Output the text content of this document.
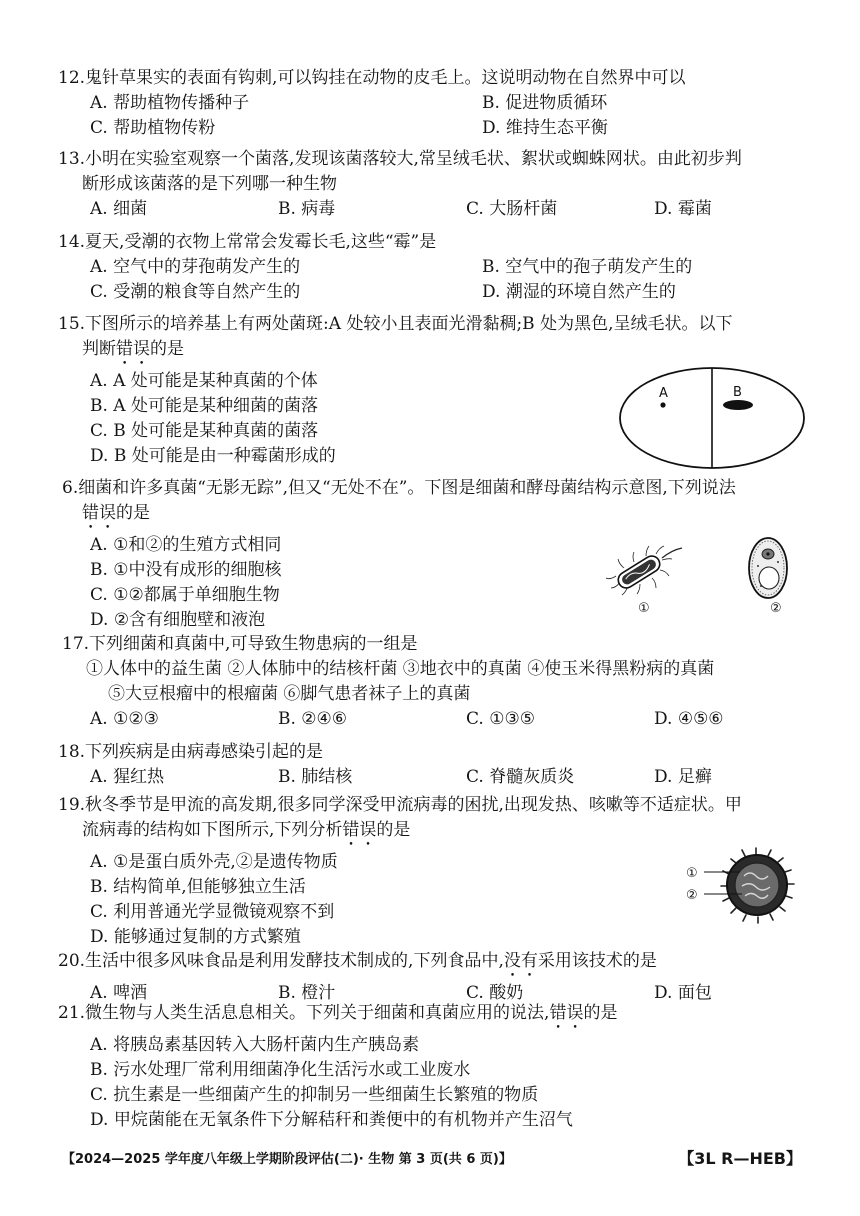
12.鬼针草果实的表面有钩刺,可以钩挂在动物的皮毛上。这说明动物在自然界中可以

A. 帮助植物传播种子	B. 促进物质循环
C. 帮助植物传粉	D. 维持生态平衡

13.小明在实验室观察一个菌落,发现该菌落较大,常呈绒毛状、絮状或蜘蛛网状。由此初步判

断形成该菌落的是下列哪一种生物

A. 细菌	B. 病毒	C. 大肠杆菌	D. 霉菌

14.夏天,受潮的衣物上常常会发霉长毛,这些“霉”是

A. 空气中的芽孢萌发产生的	B. 空气中的孢子萌发产生的
C. 受潮的粮食等自然产生的	D. 潮湿的环境自然产生的

15.下图所示的培养基上有两处菌斑:A 处较小且表面光滑黏稠;B 处为黑色,呈绒毛状。以下

判断错误的是

A. A 处可能是某种真菌的个体
B. A 处可能是某种细菌的菌落
C. B 处可能是某种真菌的菌落
D. B 处可能是由一种霉菌形成的
A	B

6.细菌和许多真菌“无影无踪”,但又“无处不在”。下图是细菌和酵母菌结构示意图,下列说法

错误的是

A. ①和②的生殖方式相同
B. ①中没有成形的细胞核
C. ①②都属于单细胞生物
D. ②含有细胞壁和液泡
①	②

17.下列细菌和真菌中,可导致生物患病的一组是

①人体中的益生菌 ②人体肺中的结核杆菌 ③地衣中的真菌 ④使玉米得黑粉病的真菌

⑤大豆根瘤中的根瘤菌 ⑥脚气患者袜子上的真菌

A. ①②③	B. ②④⑥	C. ①③⑤	D. ④⑤⑥

18.下列疾病是由病毒感染引起的是

A. 猩红热	B. 肺结核	C. 脊髓灰质炎	D. 足癣

19.秋冬季节是甲流的高发期,很多同学深受甲流病毒的困扰,出现发热、咳嗽等不适症状。甲

流病毒的结构如下图所示,下列分析错误的是

A. ①是蛋白质外壳,②是遗传物质
B. 结构简单,但能够独立生活
C. 利用普通光学显微镜观察不到
D. 能够通过复制的方式繁殖
①
②

20.生活中很多风味食品是利用发酵技术制成的,下列食品中,没有采用该技术的是

A. 啤酒	B. 橙汁	C. 酸奶	D. 面包

21.微生物与人类生活息息相关。下列关于细菌和真菌应用的说法,错误的是

A. 将胰岛素基因转入大肠杆菌内生产胰岛素
B. 污水处理厂常利用细菌净化生活污水或工业废水
C. 抗生素是一些细菌产生的抑制另一些细菌生长繁殖的物质
D. 甲烷菌能在无氧条件下分解秸秆和粪便中的有机物并产生沼气
【2024—2025 学年度八年级上学期阶段评估(二)· 生物 第 3 页(共 6 页)】	【3L R—HEB】
